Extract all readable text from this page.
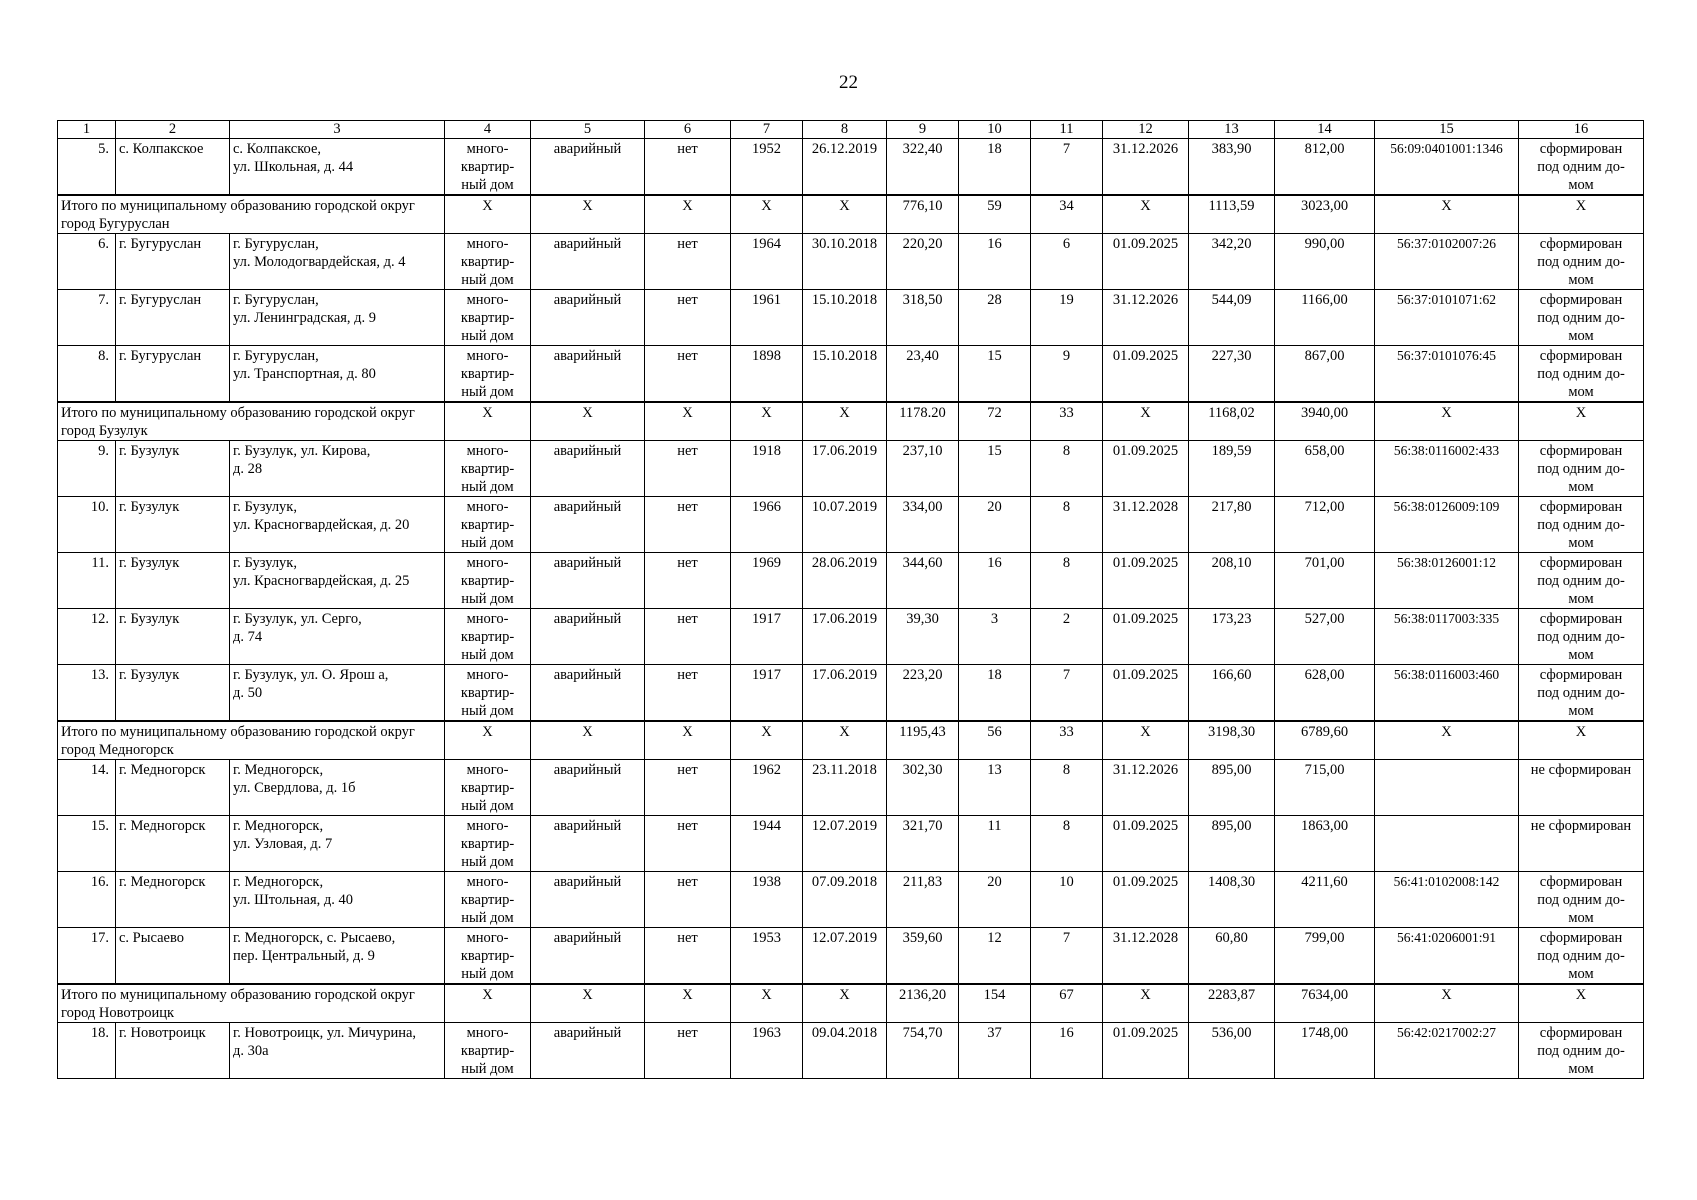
22
1	2	3	4	5	6	7	8	9	10	11	12	13	14	15	16
5.	с. Колпакское	с. Колпакское,
ул. Школьная, д. 44	много-
квартир-
ный дом	аварийный	нет	1952	26.12.2019	322,40	18	7	31.12.2026	383,90	812,00	56:09:0401001:1346	сформирован
под одним до-
мом
Итого по муниципальному образованию городской округ город Бугуруслан			X	X	X	X	X	776,10	59	34	X	1113,59	3023,00	X	X
6.	г. Бугуруслан	г. Бугуруслан,
ул. Молодогвардейская, д. 4	много-
квартир-
ный дом	аварийный	нет	1964	30.10.2018	220,20	16	6	01.09.2025	342,20	990,00	56:37:0102007:26	сформирован
под одним до-
мом
7.	г. Бугуруслан	г. Бугуруслан,
ул. Ленинградская, д. 9	много-
квартир-
ный дом	аварийный	нет	1961	15.10.2018	318,50	28	19	31.12.2026	544,09	1166,00	56:37:0101071:62	сформирован
под одним до-
мом
8.	г. Бугуруслан	г. Бугуруслан,
ул. Транспортная, д. 80	много-
квартир-
ный дом	аварийный	нет	1898	15.10.2018	23,40	15	9	01.09.2025	227,30	867,00	56:37:0101076:45	сформирован
под одним до-
мом
Итого по муниципальному образованию городской округ город Бузулук			X	X	X	X	X	1178.20	72	33	X	1168,02	3940,00	X	X
9.	г. Бузулук	г. Бузулук, ул. Кирова,
д. 28	много-
квартир-
ный дом	аварийный	нет	1918	17.06.2019	237,10	15	8	01.09.2025	189,59	658,00	56:38:0116002:433	сформирован
под одним до-
мом
10.	г. Бузулук	г. Бузулук,
ул. Красногвардейская, д. 20	много-
квартир-
ный дом	аварийный	нет	1966	10.07.2019	334,00	20	8	31.12.2028	217,80	712,00	56:38:0126009:109	сформирован
под одним до-
мом
11.	г. Бузулук	г. Бузулук,
ул. Красногвардейская, д. 25	много-
квартир-
ный дом	аварийный	нет	1969	28.06.2019	344,60	16	8	01.09.2025	208,10	701,00	56:38:0126001:12	сформирован
под одним до-
мом
12.	г. Бузулук	г. Бузулук, ул. Серго,
д. 74	много-
квартир-
ный дом	аварийный	нет	1917	17.06.2019	39,30	3	2	01.09.2025	173,23	527,00	56:38:0117003:335	сформирован
под одним до-
мом
13.	г. Бузулук	г. Бузулук, ул. О. Ярош а,
д. 50	много-
квартир-
ный дом	аварийный	нет	1917	17.06.2019	223,20	18	7	01.09.2025	166,60	628,00	56:38:0116003:460	сформирован
под одним до-
мом
Итого по муниципальному образованию городской округ город Медногорск			X	X	X	X	X	1195,43	56	33	X	3198,30	6789,60	X	X
14.	г. Медногорск	г. Медногорск,
ул. Свердлова, д. 1б	много-
квартир-
ный дом	аварийный	нет	1962	23.11.2018	302,30	13	8	31.12.2026	895,00	715,00		не сформирован
15.	г. Медногорск	г. Медногорск,
ул. Узловая, д. 7	много-
квартир-
ный дом	аварийный	нет	1944	12.07.2019	321,70	11	8	01.09.2025	895,00	1863,00		не сформирован
16.	г. Медногорск	г. Медногорск,
ул. Штольная, д. 40	много-
квартир-
ный дом	аварийный	нет	1938	07.09.2018	211,83	20	10	01.09.2025	1408,30	4211,60	56:41:0102008:142	сформирован
под одним до-
мом
17.	с. Рысаево	г. Медногорск, с. Рысаево,
пер. Центральный, д. 9	много-
квартир-
ный дом	аварийный	нет	1953	12.07.2019	359,60	12	7	31.12.2028	60,80	799,00	56:41:0206001:91	сформирован
под одним до-
мом
Итого по муниципальному образованию городской округ город Новотроицк			X	X	X	X	X	2136,20	154	67	X	2283,87	7634,00	X	X
18.	г. Новотроицк	г. Новотроицк, ул. Мичурина,
д. 30а	много-
квартир-
ный дом	аварийный	нет	1963	09.04.2018	754,70	37	16	01.09.2025	536,00	1748,00	56:42:0217002:27	сформирован
под одним до-
мом
